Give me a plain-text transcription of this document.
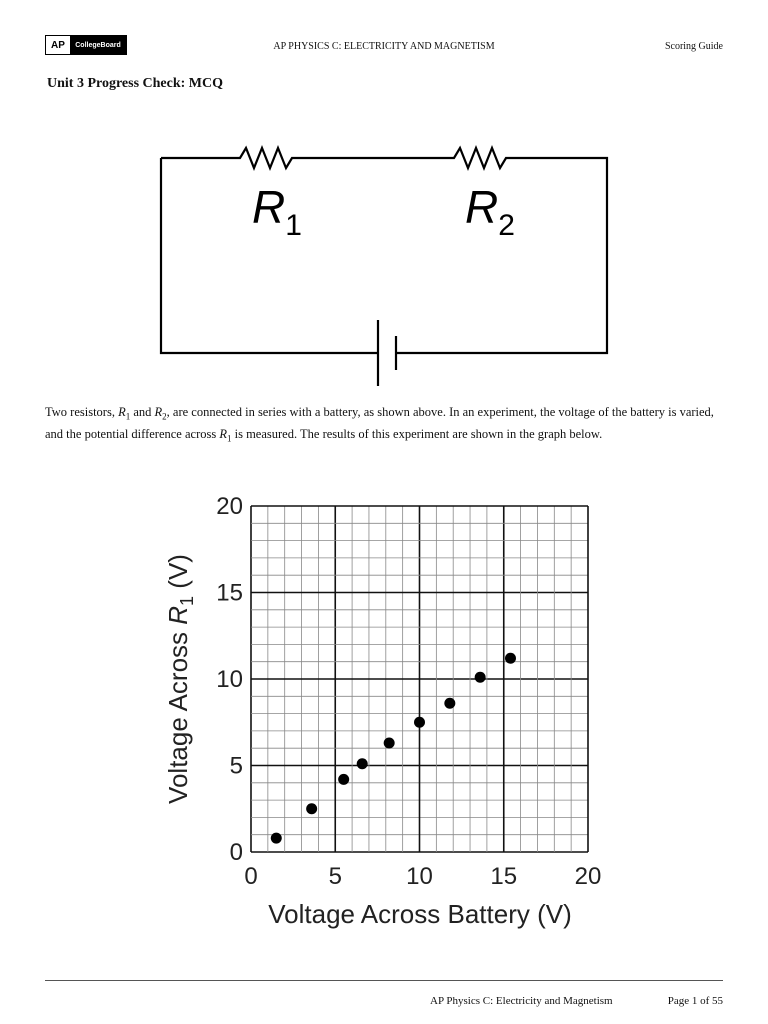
AP	CollegeBoard	AP PHYSICS C: ELECTRICITY AND MAGNETISM	Scoring Guide
Unit 3 Progress Check: MCQ
$R_1$	$R_2$
Two resistors, $R_1$ and $R_2$, are connected in series with a battery, as shown above. In an experiment, the voltage of the battery is varied, and the potential difference across $R_1$ is measured. The results of this experiment are shown in the graph below.
0	5	10 15 20
0
5
10
15
20
Voltage Across Battery (V)
Voltage Across $R_1$ (V)
AP Physics C: Electricity and Magnetism	Page 1 of 55
